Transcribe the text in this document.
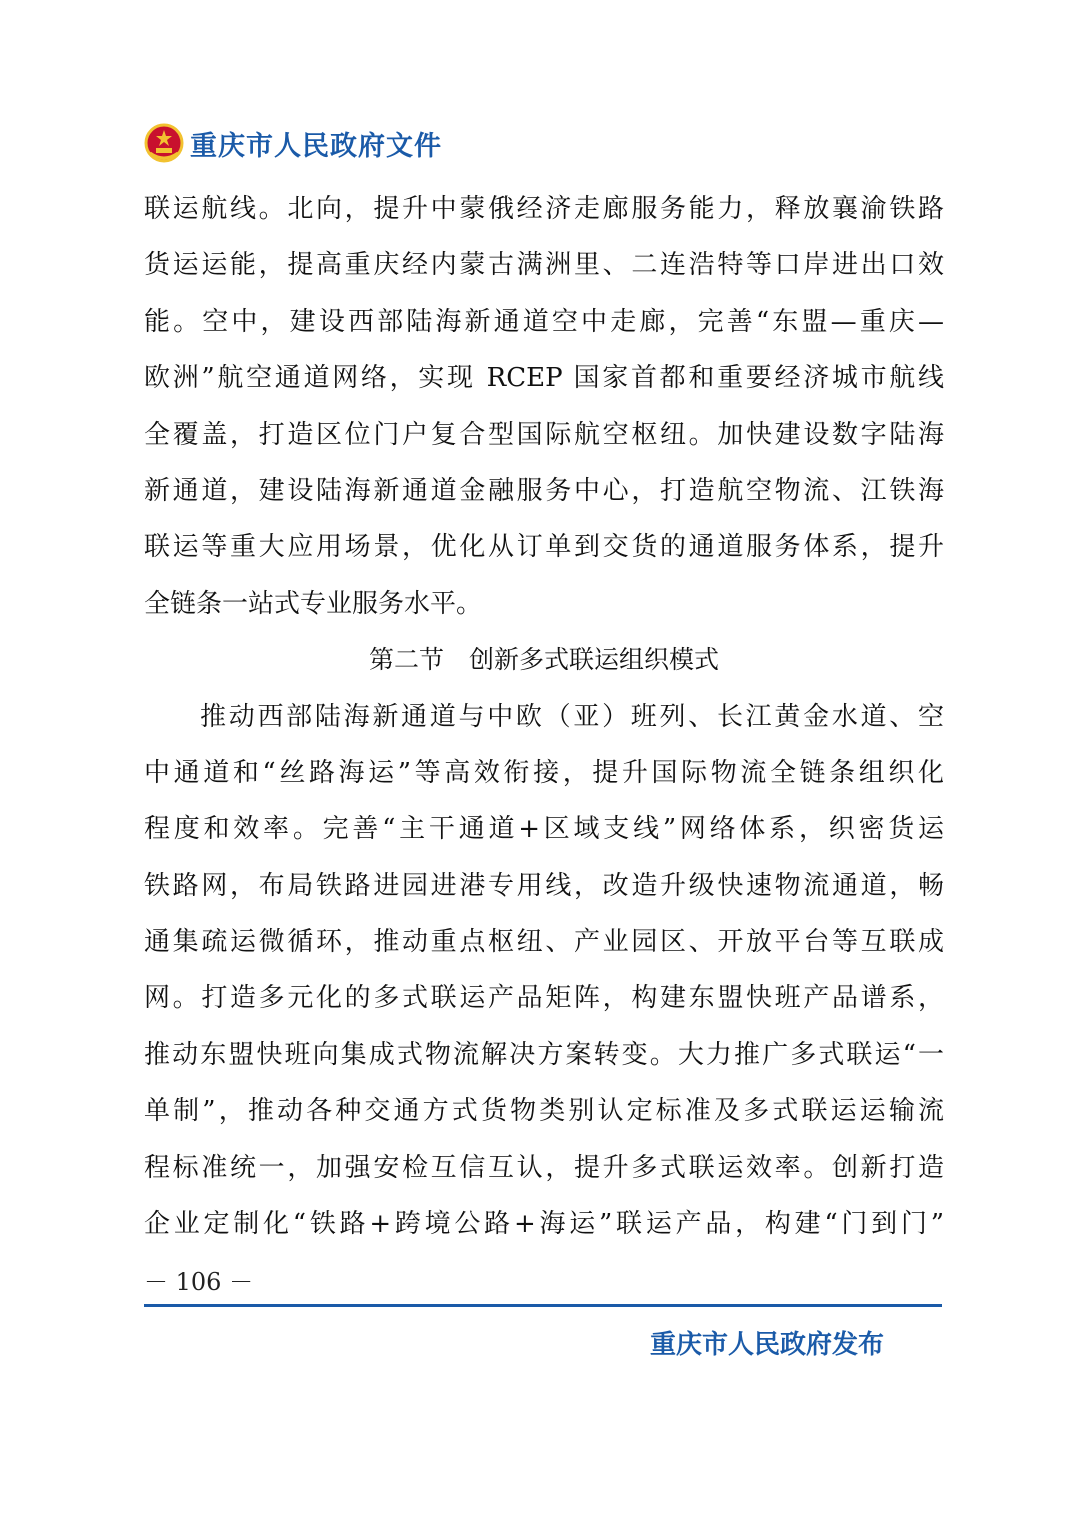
重庆市人民政府文件
联运航线。北向，提升中蒙俄经济走廊服务能力，释放襄渝铁路
货运运能，提高重庆经内蒙古满洲里、二连浩特等口岸进出口效
能。空中，建设西部陆海新通道空中走廊，完善“东盟—重庆—
欧洲”航空通道网络，实现 RCEP 国家首都和重要经济城市航线
全覆盖，打造区位门户复合型国际航空枢纽。加快建设数字陆海
新通道，建设陆海新通道金融服务中心，打造航空物流、江铁海
联运等重大应用场景，优化从订单到交货的通道服务体系，提升
全链条一站式专业服务水平。
第二节　创新多式联运组织模式
推动西部陆海新通道与中欧（亚）班列、长江黄金水道、空
中通道和“丝路海运”等高效衔接，提升国际物流全链条组织化
程度和效率。完善“主干通道+区域支线”网络体系，织密货运
铁路网，布局铁路进园进港专用线，改造升级快速物流通道，畅
通集疏运微循环，推动重点枢纽、产业园区、开放平台等互联成
网。打造多元化的多式联运产品矩阵，构建东盟快班产品谱系，
推动东盟快班向集成式物流解决方案转变。大力推广多式联运“一
单制”，推动各种交通方式货物类别认定标准及多式联运运输流
程标准统一，加强安检互信互认，提升多式联运效率。创新打造
企业定制化“铁路+跨境公路+海运”联运产品，构建“门到门”
－ 106 －
重庆市人民政府发布
